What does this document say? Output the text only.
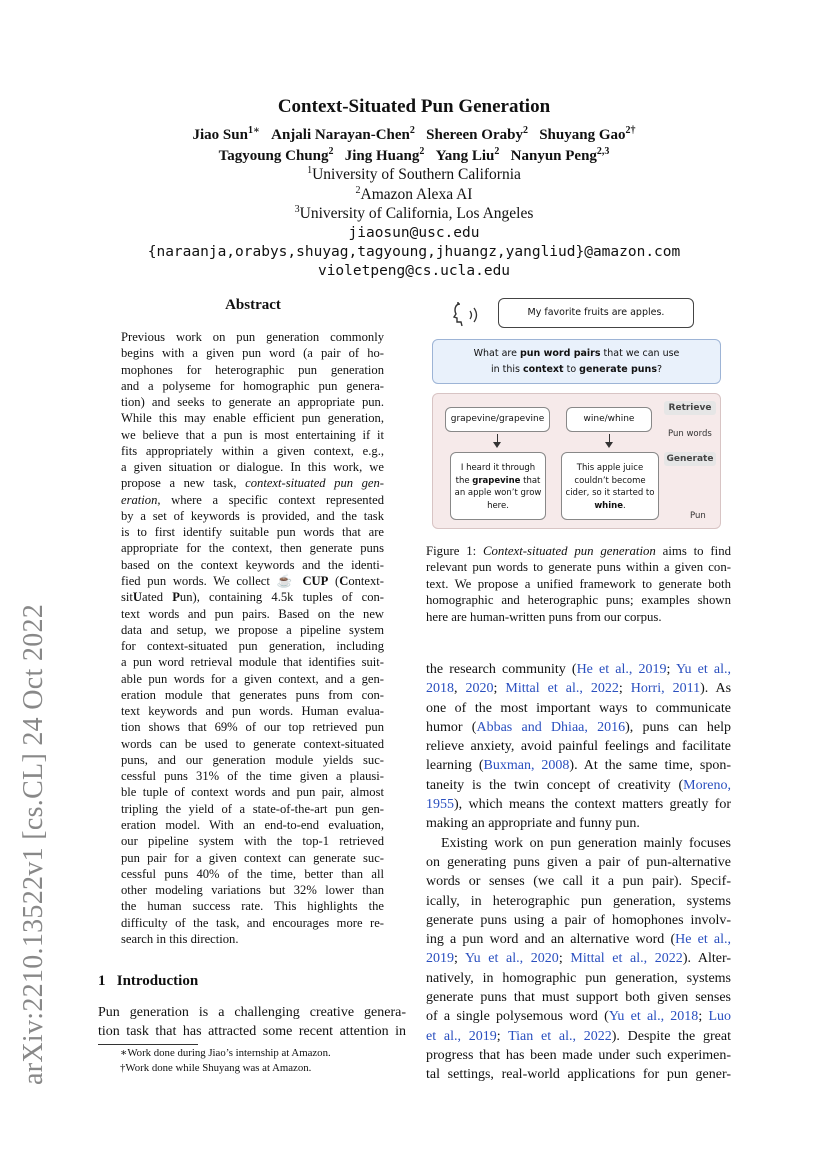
arXiv:2210.13522v1 [cs.CL] 24 Oct 2022
Context-Situated Pun Generation
Jiao Sun$^{1∗}$ Anjali Narayan-Chen$^2$ Shereen Oraby$^2$ Shuyang Gao$^{2\dagger}$
Tagyoung Chung$^2$ Jing Huang$^2$ Yang Liu$^2$ Nanyun Peng$^{2,3}$
$^1$University of Southern California
$^2$Amazon Alexa AI
$^3$University of California, Los Angeles
jiaosun@usc.edu
{naraanja,orabys,shuyag,tagyoung,jhuangz,yangliud}@amazon.com
violetpeng@cs.ucla.edu
Abstract
Previous work on pun generation commonly
begins with a given pun word (a pair of ho-
mophones for heterographic pun generation
and a polyseme for homographic pun genera-
tion) and seeks to generate an appropriate pun.
While this may enable efficient pun generation,
we believe that a pun is most entertaining if it
fits appropriately within a given context, e.g.,
a given situation or dialogue. In this work, we
propose a new task, context-situated pun gen-
eration, where a specific context represented
by a set of keywords is provided, and the task
is to first identify suitable pun words that are
appropriate for the context, then generate puns
based on the context keywords and the identi-
fied pun words. We collect ☕ CUP (Context-
sitUated Pun), containing 4.5k tuples of con-
text words and pun pairs. Based on the new
data and setup, we propose a pipeline system
for context-situated pun generation, including
a pun word retrieval module that identifies suit-
able pun words for a given context, and a gen-
eration module that generates puns from con-
text keywords and pun words. Human evalua-
tion shows that 69% of our top retrieved pun
words can be used to generate context-situated
puns, and our generation module yields suc-
cessful puns 31% of the time given a plausi-
ble tuple of context words and pun pair, almost
tripling the yield of a state-of-the-art pun gen-
eration model. With an end-to-end evaluation,
our pipeline system with the top-1 retrieved
pun pair for a given context can generate suc-
cessful puns 40% of the time, better than all
other modeling variations but 32% lower than
the human success rate. This highlights the
difficulty of the task, and encourages more re-
search in this direction.
1 Introduction
Pun generation is a challenging creative genera-
tion task that has attracted some recent attention in
∗Work done during Jiao’s internship at Amazon.
†Work done while Shuyang was at Amazon.
My favorite fruits are apples.
What are pun word pairs that we can use
in this context to generate puns?
Retrieve
Pun words
Generate
Pun
grapevine/grapevine	wine/whine
I heard it through
the grapevine that
an apple won’t grow
here.
This apple juice
couldn’t become
cider, so it started to
whine.
Figure 1: Context-situated pun generation aims to find
relevant pun words to generate puns within a given con-
text. We propose a unified framework to generate both
homographic and heterographic puns; examples shown
here are human-written puns from our corpus.
the research community (He et al., 2019; Yu et al.,
2018, 2020; Mittal et al., 2022; Horri, 2011). As
one of the most important ways to communicate
humor (Abbas and Dhiaa, 2016), puns can help
relieve anxiety, avoid painful feelings and facilitate
learning (Buxman, 2008). At the same time, spon-
taneity is the twin concept of creativity (Moreno,
1955), which means the context matters greatly for
making an appropriate and funny pun.
Existing work on pun generation mainly focuses
on generating puns given a pair of pun-alternative
words or senses (we call it a pun pair). Specif-
ically, in heterographic pun generation, systems
generate puns using a pair of homophones involv-
ing a pun word and an alternative word (He et al.,
2019; Yu et al., 2020; Mittal et al., 2022). Alter-
natively, in homographic pun generation, systems
generate puns that must support both given senses
of a single polysemous word (Yu et al., 2018; Luo
et al., 2019; Tian et al., 2022). Despite the great
progress that has been made under such experimen-
tal settings, real-world applications for pun gener-
